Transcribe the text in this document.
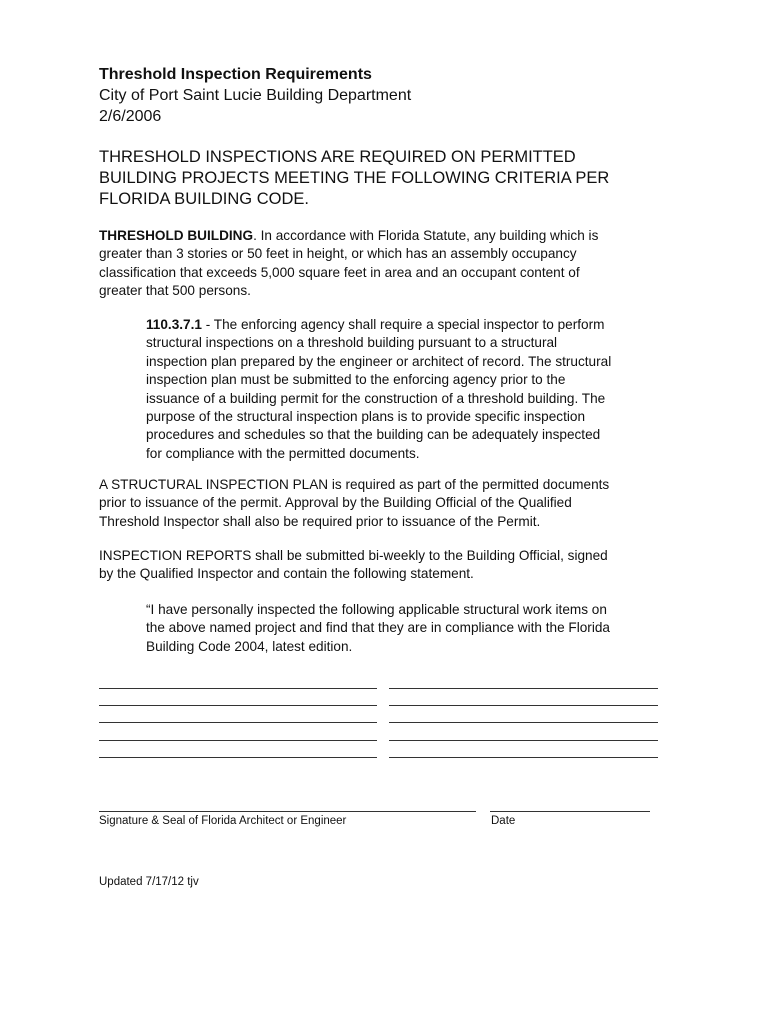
Threshold Inspection Requirements
City of Port Saint Lucie Building Department
2/6/2006
THRESHOLD INSPECTIONS ARE REQUIRED ON PERMITTED
BUILDING PROJECTS MEETING THE FOLLOWING CRITERIA PER
FLORIDA BUILDING CODE.
THRESHOLD BUILDING. In accordance with Florida Statute, any building which is
greater than 3 stories or 50 feet in height, or which has an assembly occupancy
classification that exceeds 5,000 square feet in area and an occupant content of
greater that 500 persons.
110.3.7.1 - The enforcing agency shall require a special inspector to perform
structural inspections on a threshold building pursuant to a structural
inspection plan prepared by the engineer or architect of record. The structural
inspection plan must be submitted to the enforcing agency prior to the
issuance of a building permit for the construction of a threshold building. The
purpose of the structural inspection plans is to provide specific inspection
procedures and schedules so that the building can be adequately inspected
for compliance with the permitted documents.
A STRUCTURAL INSPECTION PLAN is required as part of the permitted documents
prior to issuance of the permit. Approval by the Building Official of the Qualified
Threshold Inspector shall also be required prior to issuance of the Permit.
INSPECTION REPORTS shall be submitted bi-weekly to the Building Official, signed
by the Qualified Inspector and contain the following statement.
“I have personally inspected the following applicable structural work items on
the above named project and find that they are in compliance with the Florida
Building Code 2004, latest edition.
Signature & Seal of Florida Architect or Engineer	Date
Updated 7/17/12 tjv
